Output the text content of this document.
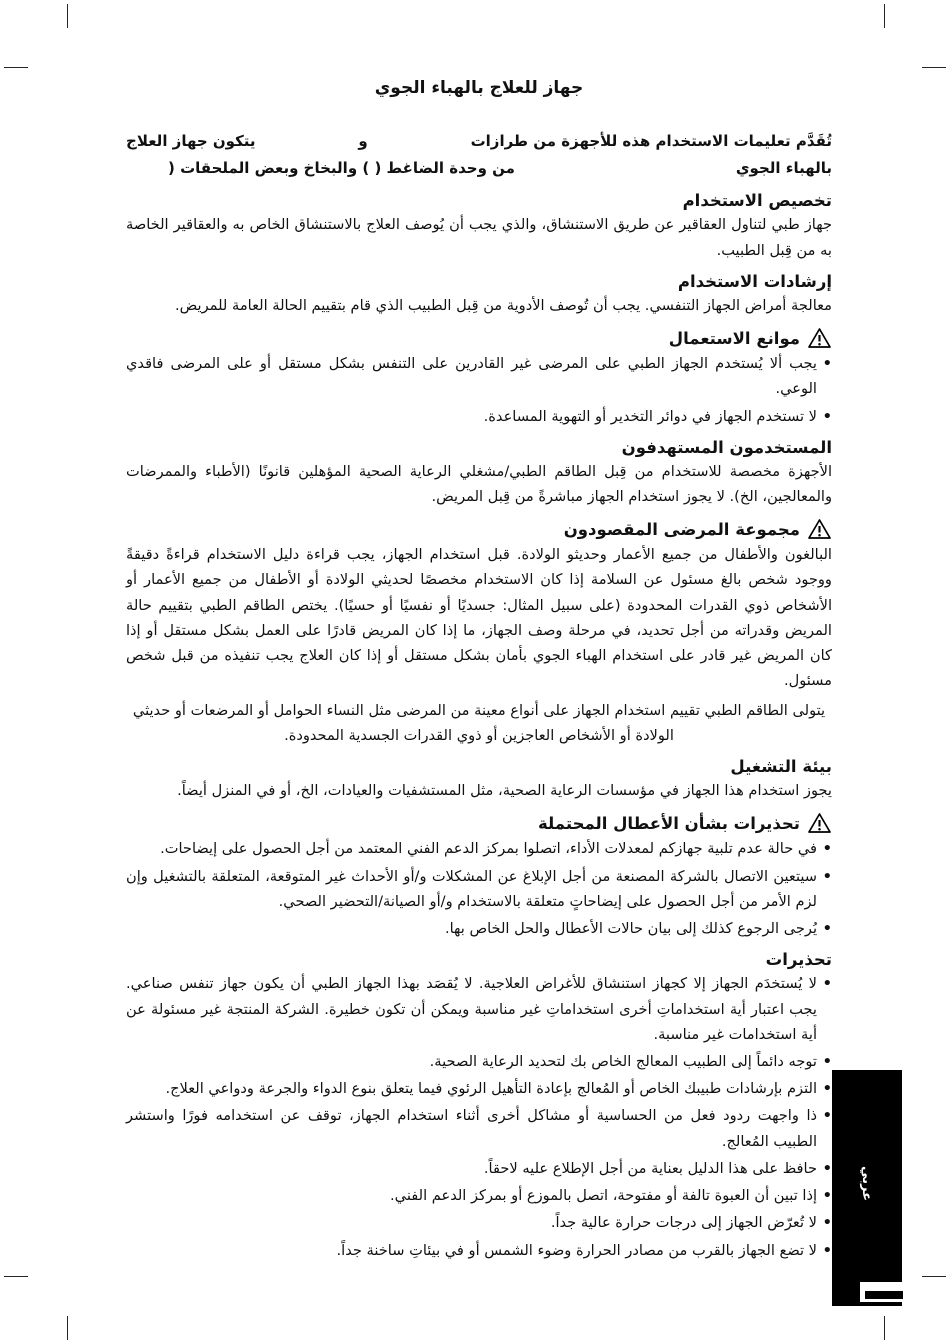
جهاز للعلاج بالهباء الجوي
تُقَدَّم تعليمات الاستخدام هذه للأجهزة من طرازات
و
يتكون جهاز العلاج
بالهباء الجوي
من وحدة الضاغط ( ) والبخاخ وبعض الملحقات (
تخصيص الاستخدام

جهاز طبي لتناول العقاقير عن طريق الاستنشاق، والذي يجب أن يُوصف العلاج بالاستنشاق الخاص به والعقاقير الخاصة به من قِبل الطبيب.

إرشادات الاستخدام

معالجة أمراض الجهاز التنفسي. يجب أن تُوصف الأدوية من قِبل الطبيب الذي قام بتقييم الحالة العامة للمريض.

موانع الاستعمال
• يجب ألا يُستخدم الجهاز الطبي على المرضى غير القادرين على التنفس بشكل مستقل أو على المرضى فاقدي الوعي.
• لا تستخدم الجهاز في دوائر التخدير أو التهوية المساعدة.
المستخدمون المستهدفون

الأجهزة مخصصة للاستخدام من قِبل الطاقم الطبي/مشغلي الرعاية الصحية المؤهلين قانونًا (الأطباء والممرضات والمعالجين، الخ). لا يجوز استخدام الجهاز مباشرةً من قِبل المريض.

مجموعة المرضى المقصودون

البالغون والأطفال من جميع الأعمار وحديثو الولادة. قبل استخدام الجهاز، يجب قراءة دليل الاستخدام قراءةً دقيقةً ووجود شخص بالغ مسئول عن السلامة إذا كان الاستخدام مخصصًا لحديثي الولادة أو الأطفال من جميع الأعمار أو الأشخاص ذوي القدرات المحدودة (على سبيل المثال: جسديًا أو نفسيًا أو حسيًا). يختص الطاقم الطبي بتقييم حالة المريض وقدراته من أجل تحديد، في مرحلة وصف الجهاز، ما إذا كان المريض قادرًا على العمل بشكل مستقل أو إذا كان المريض غير قادر على استخدام الهباء الجوي بأمان بشكل مستقل أو إذا كان العلاج يجب تنفيذه من قبل شخص مسئول.

يتولى الطاقم الطبي تقييم استخدام الجهاز على أنواع معينة من المرضى مثل النساء الحوامل أو المرضعات أو حديثي الولادة أو الأشخاص العاجزين أو ذوي القدرات الجسدية المحدودة.

بيئة التشغيل

يجوز استخدام هذا الجهاز في مؤسسات الرعاية الصحية، مثل المستشفيات والعيادات، الخ، أو في المنزل أيضاً.

تحذيرات بشأن الأعطال المحتملة
• في حالة عدم تلبية جهازكم لمعدلات الأداء، اتصلوا بمركز الدعم الفني المعتمد من أجل الحصول على إيضاحات.
• سيتعين الاتصال بالشركة المصنعة من أجل الإبلاغ عن المشكلات و/أو الأحداث غير المتوقعة، المتعلقة بالتشغيل وإن لزم الأمر من أجل الحصول على إيضاحاتٍ متعلقة بالاستخدام و/أو الصيانة/التحضير الصحي.
• يُرجى الرجوع كذلك إلى بيان حالات الأعطال والحل الخاص بها.
تحذيرات
• لا يُستخدَم الجهاز إلا كجهاز استنشاق للأغراض العلاجية. لا يُقصَد بهذا الجهاز الطبي أن يكون جهاز تنفس صناعي. يجب اعتبار أية استخداماتِ أخرى استخداماتِ غير مناسبة ويمكن أن تكون خطيرة. الشركة المنتجة غير مسئولة عن أية استخدامات غير مناسبة.
• توجه دائماً إلى الطبيب المعالج الخاص بك لتحديد الرعاية الصحية.
• التزم بإرشادات طبيبك الخاص أو المُعالج بإعادة التأهيل الرئوي فيما يتعلق بنوع الدواء والجرعة ودواعي العلاج.
• ذا واجهت ردود فعل من الحساسية أو مشاكل أخرى أثناء استخدام الجهاز، توقف عن استخدامه فورًا واستشر الطبيب المُعالج.
• حافظ على هذا الدليل بعناية من أجل الإطلاع عليه لاحقاً.
• إذا تبين أن العبوة تالفة أو مفتوحة، اتصل بالموزع أو بمركز الدعم الفني.
• لا تُعرّض الجهاز إلى درجات حرارة عالية جداً.
• لا تضع الجهاز بالقرب من مصادر الحرارة وضوء الشمس أو في بيئاتِ ساخنة جداً.
عربي
